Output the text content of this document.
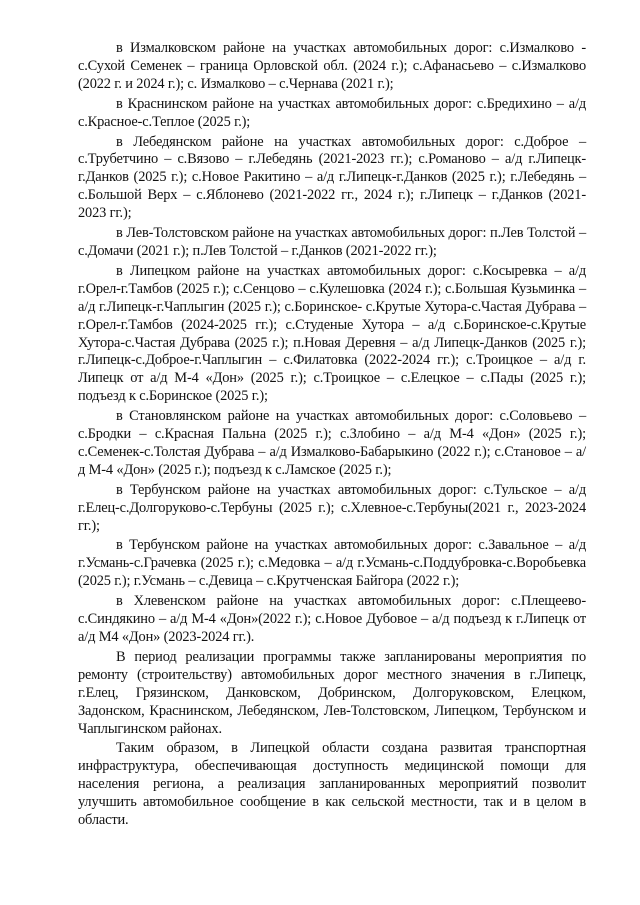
в Измалковском районе на участках автомобильных дорог: с.Измалково - с.Сухой Семенек – граница Орловской обл. (2024 г.); с.Афанасьево – с.Измалково (2022 г. и 2024 г.); с. Измалково – с.Чернава (2021 г.);

в Краснинском районе на участках автомобильных дорог: с.Бредихино – а/д с.Красное-с.Теплое (2025 г.);

в Лебедянском районе на участках автомобильных дорог: с.Доброе – с.Трубетчино – с.Вязово – г.Лебедянь (2021-2023 гг.); с.Романово – а/д г.Липецк-г.Данков (2025 г.); с.Новое Ракитино – а/д г.Липецк-г.Данков (2025 г.); г.Лебедянь – с.Большой Верх – с.Яблонево (2021-2022 гг., 2024 г.); г.Липецк – г.Данков (2021-2023 гг.);

в Лев-Толстовском районе на участках автомобильных дорог: п.Лев Толстой – с.Домачи (2021 г.); п.Лев Толстой – г.Данков (2021-2022 гг.);

в Липецком районе на участках автомобильных дорог: с.Косыревка – а/д г.Орел-г.Тамбов (2025 г.); с.Сенцово – с.Кулешовка (2024 г.); с.Большая Кузьминка – а/д г.Липецк-г.Чаплыгин (2025 г.); с.Боринское- с.Крутые Хутора-с.Частая Дубрава – г.Орел-г.Тамбов (2024-2025 гг.); с.Студеные Хутора – а/д с.Боринское-с.Крутые Хутора-с.Частая Дубрава (2025 г.); п.Новая Деревня – а/д Липецк-Данков (2025 г.); г.Липецк-с.Доброе-г.Чаплыгин – с.Филатовка (2022-2024 гг.); с.Троицкое – а/д г. Липецк от а/д М-4 «Дон» (2025 г.); с.Троицкое – с.Елецкое – с.Пады (2025 г.); подъезд к с.Боринское (2025 г.);

в Становлянском районе на участках автомобильных дорог: с.Соловьево – с.Бродки – с.Красная Пальна (2025 г.); с.Злобино – а/д М-4 «Дон» (2025 г.); с.Семенек-с.Толстая Дубрава – а/д Измалково-Бабарыкино (2022 г.); с.Становое – а/д М-4 «Дон» (2025 г.); подъезд к с.Ламское (2025 г.);

в Тербунском районе на участках автомобильных дорог: с.Тульское – а/д г.Елец-с.Долгоруково-с.Тербуны (2025 г.); с.Хлевное-с.Тербуны(2021 г., 2023-2024 гг.);

в Тербунском районе на участках автомобильных дорог: с.Завальное – а/д г.Усмань-с.Грачевка (2025 г.); с.Медовка – а/д г.Усмань-с.Поддубровка-с.Воробьевка (2025 г.); г.Усмань – с.Девица – с.Крутченская Байгора (2022 г.);

в Хлевенском районе на участках автомобильных дорог: с.Плещеево-с.Синдякино – а/д М-4 «Дон»(2022 г.); с.Новое Дубовое – а/д подъезд к г.Липецк от а/д М4 «Дон» (2023-2024 гг.).

В период реализации программы также запланированы мероприятия по ремонту (строительству) автомобильных дорог местного значения в г.Липецк, г.Елец, Грязинском, Данковском, Добринском, Долгоруковском, Елецком, Задонском, Краснинском, Лебедянском, Лев-Толстовском, Липецком, Тербунском и Чаплыгинском районах.

Таким образом, в Липецкой области создана развитая транспортная инфраструктура, обеспечивающая доступность медицинской помощи для населения региона, а реализация запланированных мероприятий позволит улучшить автомобильное сообщение в как сельской местности, так и в целом в области.
